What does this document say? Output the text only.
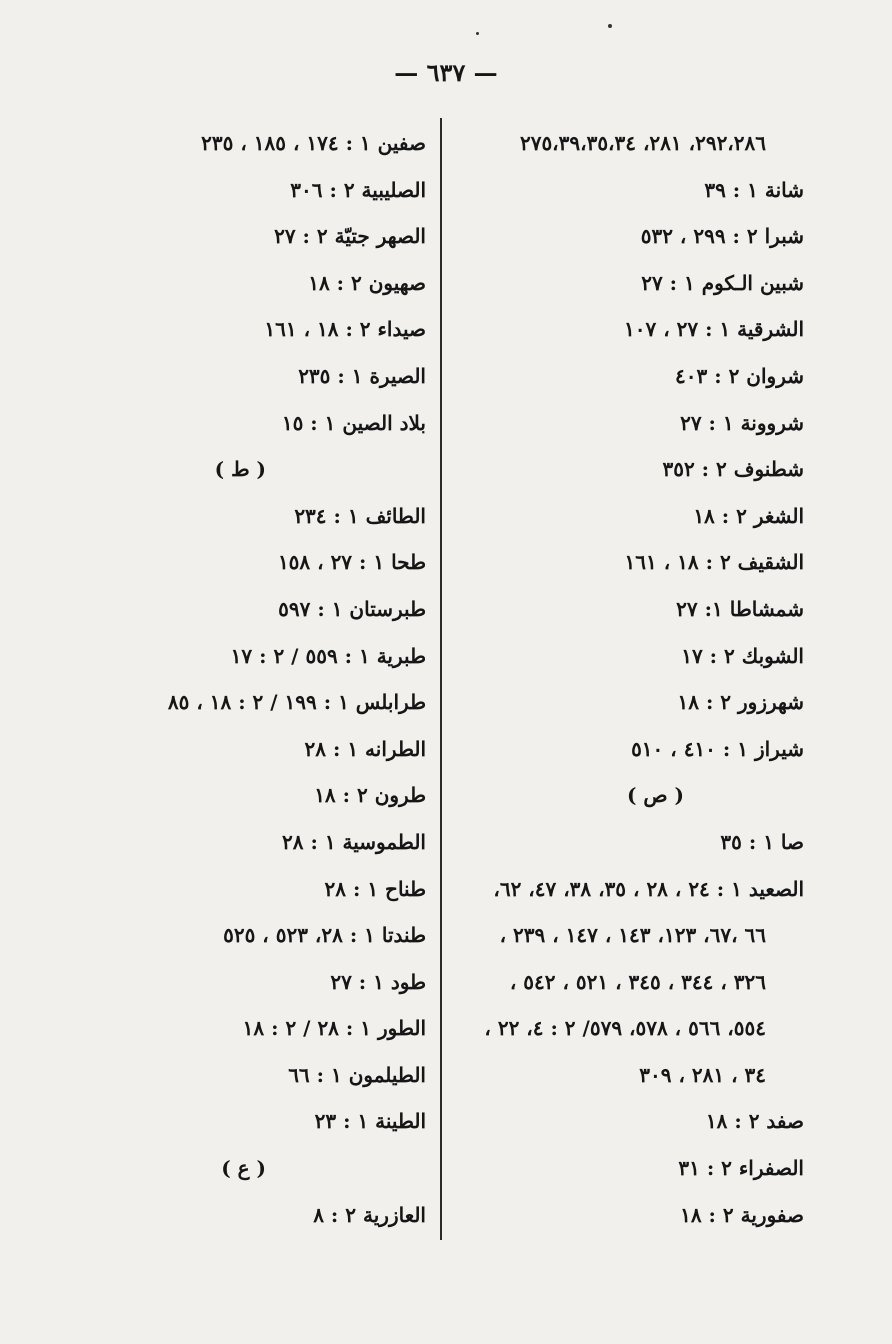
— ٦٣٧ —
٢٩٢،٢٨٦، ٢٨١، ٢٧٥،٣٩،٣٥،٣٤
شانة ١ : ٣٩
شبرا ٢ : ٢٩٩ ، ٥٣٢
شبين الـكوم ١ : ٢٧
الشرقية ١ : ٢٧ ، ١٠٧
شروان ٢ : ٤٠٣
شروونة ١ : ٢٧
شطنوف ٢ : ٣٥٢
الشغر ٢ : ١٨
الشقيف ٢ : ١٨ ، ١٦١
شمشاطا ١: ٢٧
الشوبك ٢ : ١٧
شهرزور ٢ : ١٨
شيراز ١ : ٤١٠ ، ٥١٠
( ص )
صا ١ : ٣٥
الصعيد ١ : ٢٤ ، ٢٨ ، ٣٥، ٣٨، ٤٧، ٦٢،
٦٦ ،٦٧، ١٢٣، ١٤٣ ، ١٤٧ ، ٢٣٩ ،
٣٢٦ ، ٣٤٤ ، ٣٤٥ ، ٥٢١ ، ٥٤٢ ،
٥٥٤، ٥٦٦ ، ٥٧٨، ٥٧٩/ ٢ : ٤، ٢٢ ،
٣٤ ، ٢٨١ ، ٣٠٩
صفد ٢ : ١٨
الصفراء ٢ : ٣١
صفورية ٢ : ١٨
صفين ١ : ١٧٤ ، ١٨٥ ، ٢٣٥
الصليبية ٢ : ٣٠٦
الصهر جتيّة ٢ : ٢٧
صهيون ٢ : ١٨
صيداء ٢ : ١٨ ، ١٦١
الصيرة ١ : ٢٣٥
بلاد الصين ١ : ١٥
( ط )
الطائف ١ : ٢٣٤
طحا ١ : ٢٧ ، ١٥٨
طبرستان ١ : ٥٩٧
طبرية ١ : ٥٥٩ / ٢ : ١٧
طرابلس ١ : ١٩٩ / ٢ : ١٨ ، ٨٥
الطرانه ١ : ٢٨
طرون ٢ : ١٨
الطموسية ١ : ٢٨
طناح ١ : ٢٨
طندتا ١ : ٢٨، ٥٢٣ ، ٥٢٥
طود ١ : ٢٧
الطور ١ : ٢٨ / ٢ : ١٨
الطيلمون ١ : ٦٦
الطينة ١ : ٢٣
( ع )
العازرية ٢ : ٨
